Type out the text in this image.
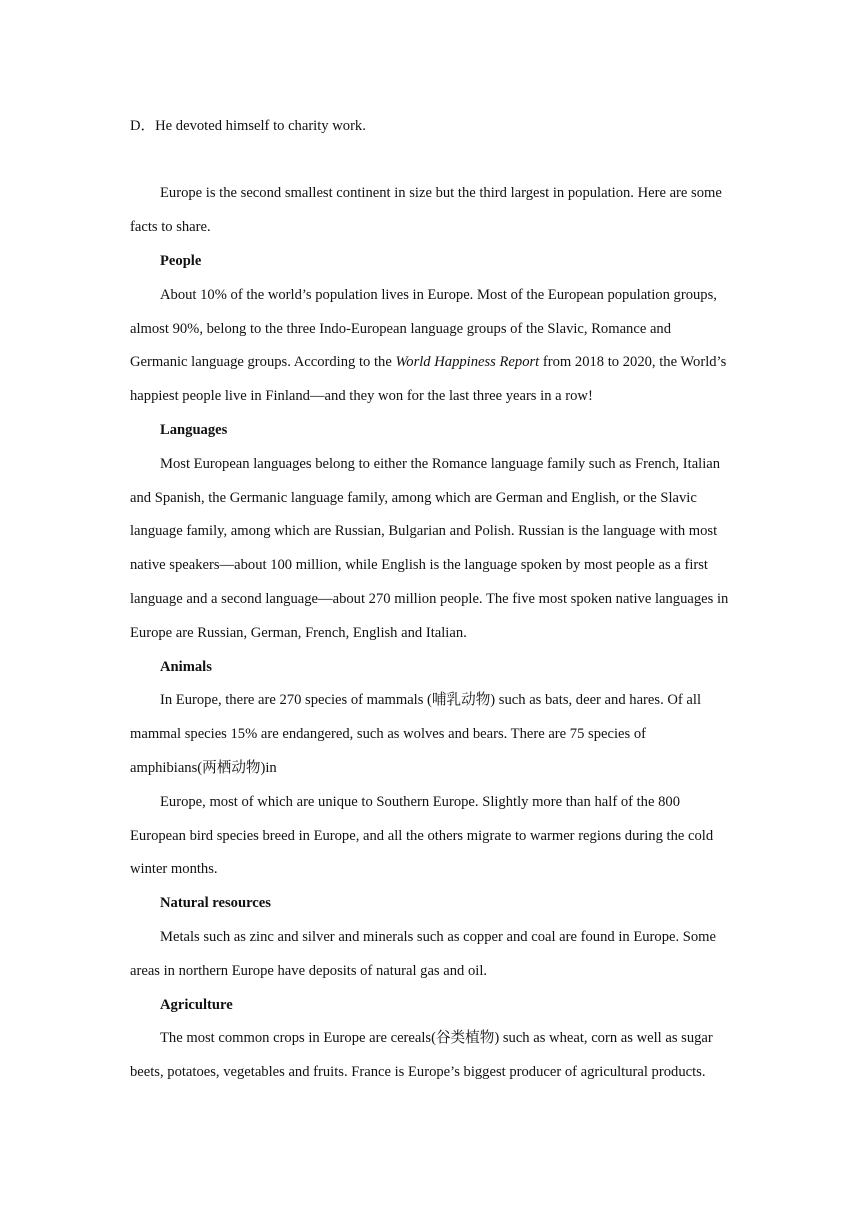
D．He devoted himself to charity work.

Europe is the second smallest continent in size but the third largest in population. Here are some facts to share.

People

About 10% of the world’s population lives in Europe. Most of the European population groups, almost 90%, belong to the three Indo-European language groups of the Slavic, Romance and Germanic language groups. According to the World Happiness Report from 2018 to 2020, the World’s happiest people live in Finland—and they won for the last three years in a row!

Languages

Most European languages belong to either the Romance language family such as French, Italian and Spanish, the Germanic language family, among which are German and English, or the Slavic language family, among which are Russian, Bulgarian and Polish. Russian is the language with most native speakers—about 100 million, while English is the language spoken by most people as a first language and a second language—about 270 million people. The five most spoken native languages in Europe are Russian, German, French, English and Italian.

Animals

In Europe, there are 270 species of mammals (哺乳动物) such as bats, deer and hares. Of all mammal species 15% are endangered, such as wolves and bears. There are 75 species of amphibians(两栖动物)in

Europe, most of which are unique to Southern Europe. Slightly more than half of the 800 European bird species breed in Europe, and all the others migrate to warmer regions during the cold winter months.

Natural resources

Metals such as zinc and silver and minerals such as copper and coal are found in Europe. Some areas in northern Europe have deposits of natural gas and oil.

Agriculture

The most common crops in Europe are cereals(谷类植物) such as wheat, corn as well as sugar beets, potatoes, vegetables and fruits. France is Europe’s biggest producer of agricultural products.
